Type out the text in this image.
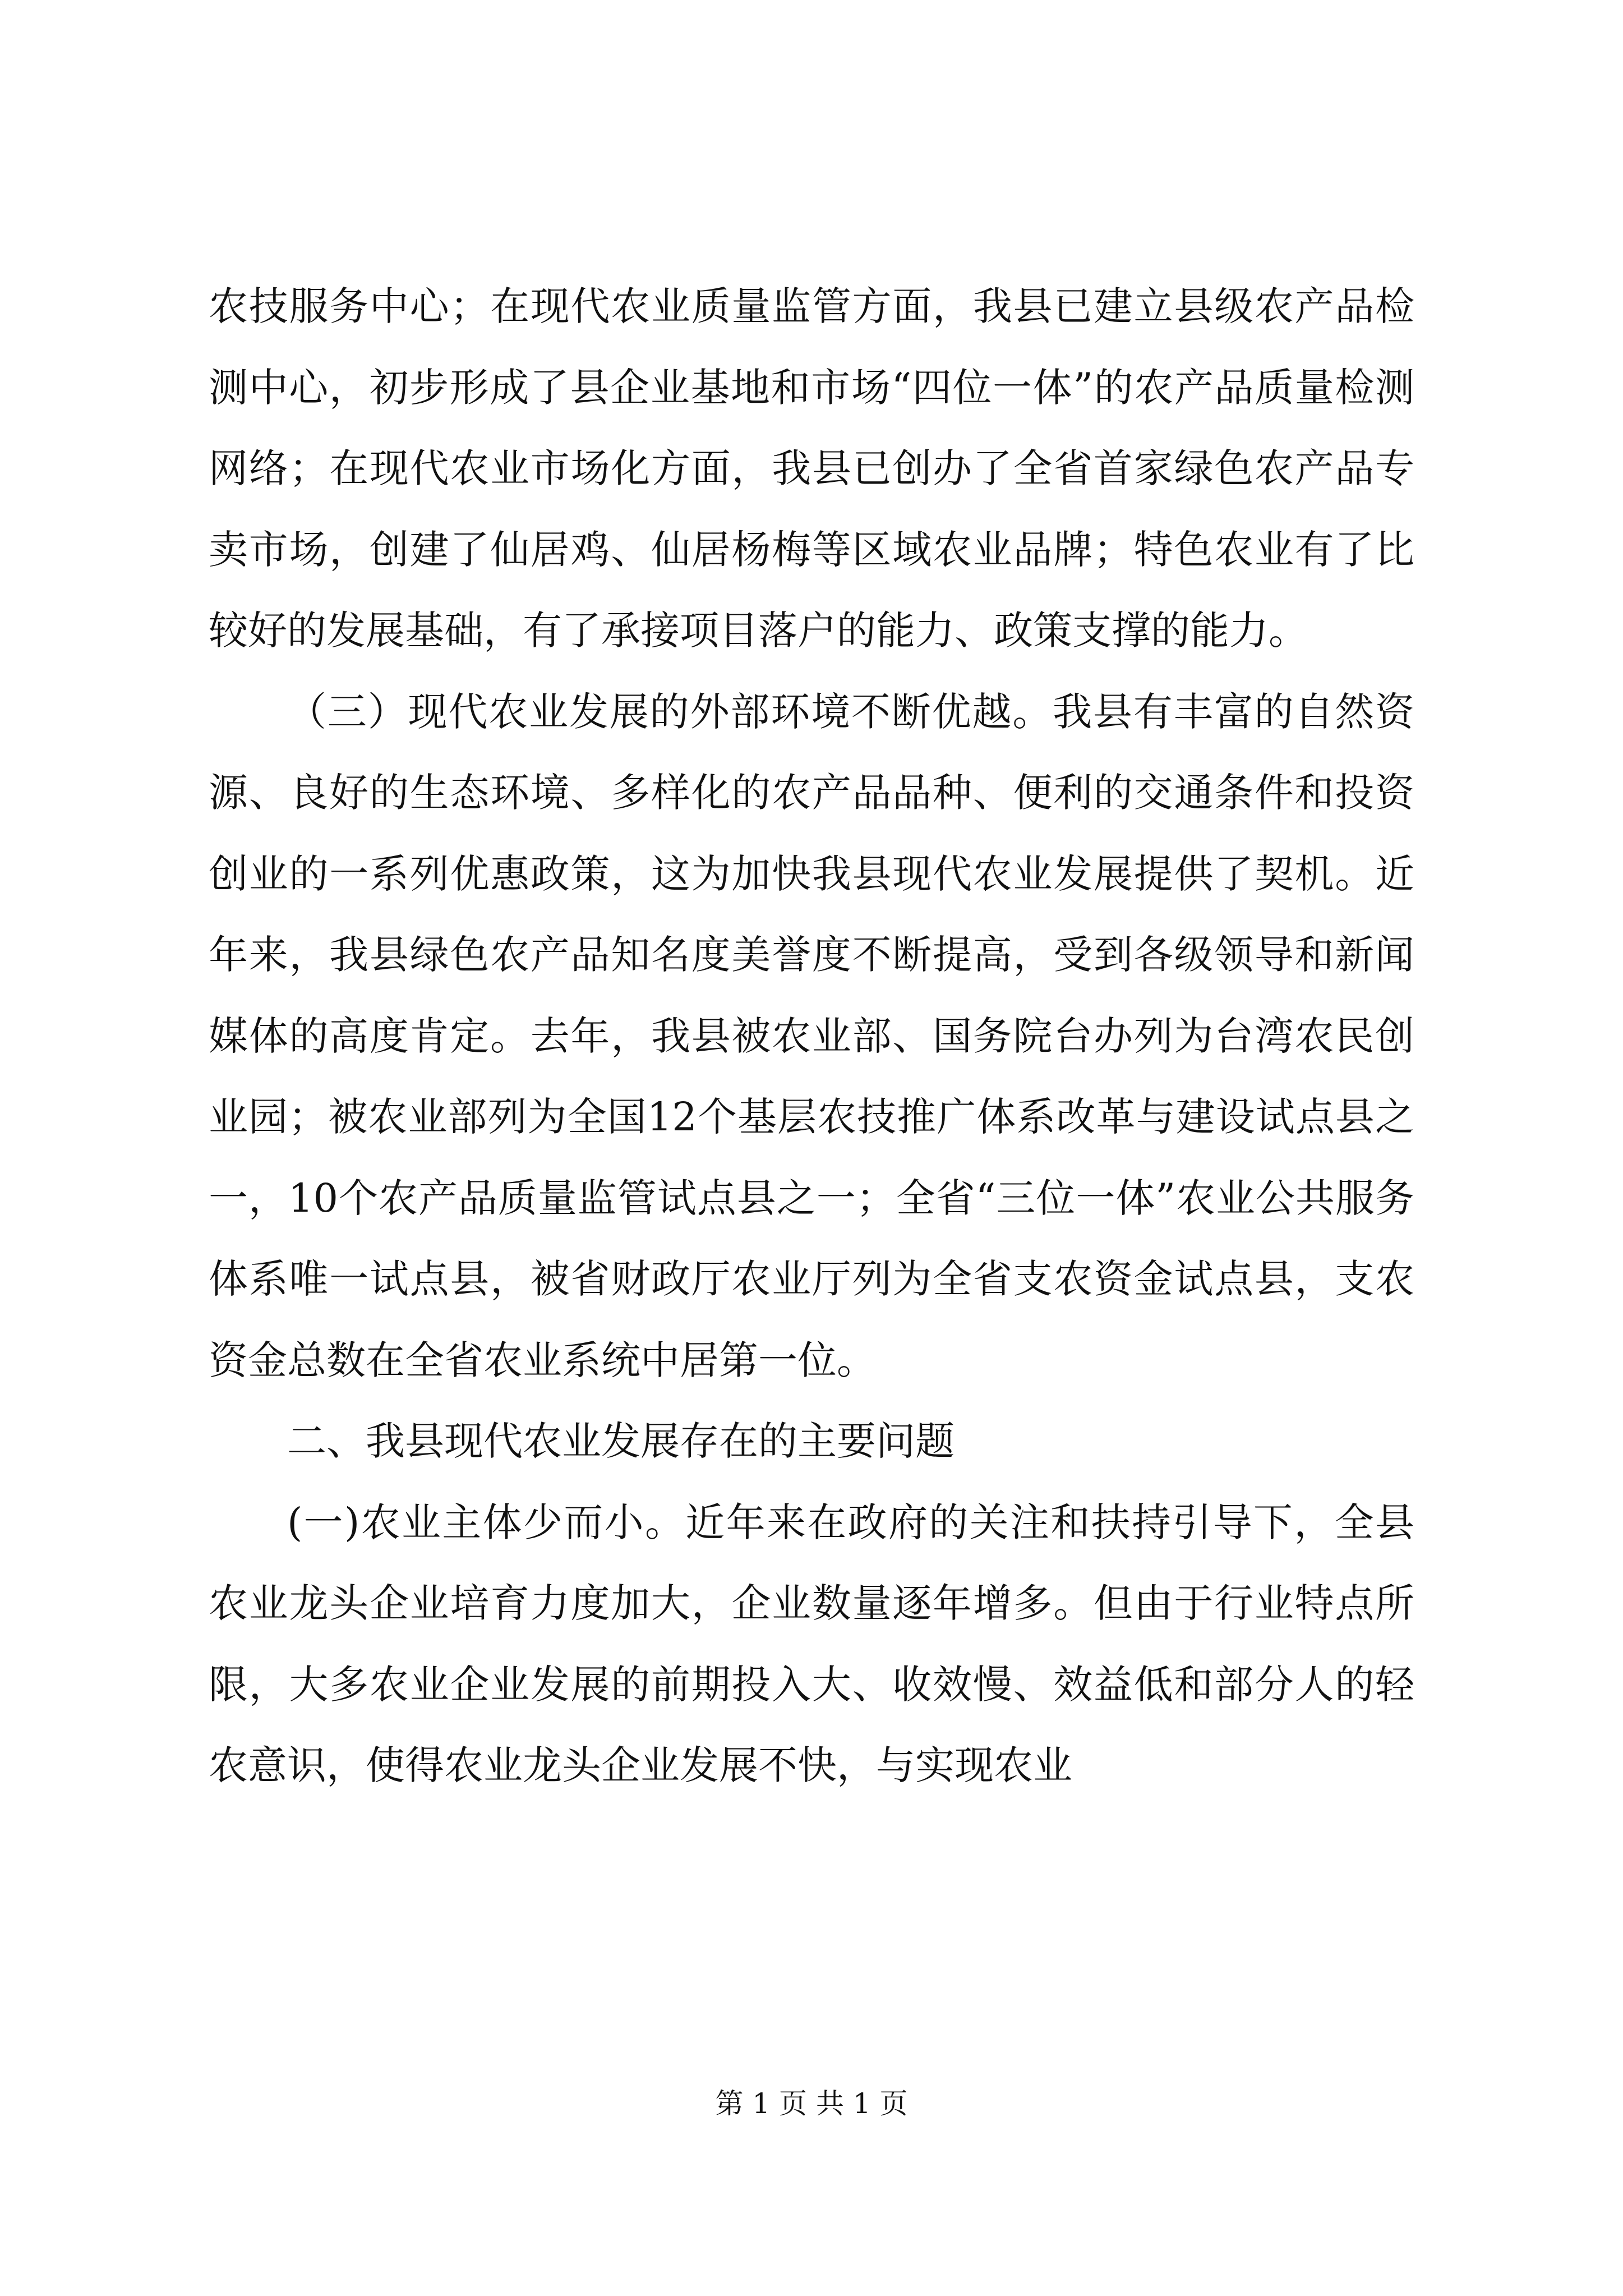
农技服务中心；在现代农业质量监管方面，我县已建立县级农产品检测中心，初步形成了县企业基地和市场“四位一体”的农产品质量检测网络；在现代农业市场化方面，我县已创办了全省首家绿色农产品专卖市场，创建了仙居鸡、仙居杨梅等区域农业品牌；特色农业有了比较好的发展基础，有了承接项目落户的能力、政策支撑的能力。

（三）现代农业发展的外部环境不断优越。我县有丰富的自然资源、良好的生态环境、多样化的农产品品种、便利的交通条件和投资创业的一系列优惠政策，这为加快我县现代农业发展提供了契机。近年来，我县绿色农产品知名度美誉度不断提高，受到各级领导和新闻媒体的高度肯定。去年，我县被农业部、国务院台办列为台湾农民创业园；被农业部列为全国12个基层农技推广体系改革与建设试点县之一，10个农产品质量监管试点县之一；全省“三位一体”农业公共服务体系唯一试点县，被省财政厅农业厅列为全省支农资金试点县，支农资金总数在全省农业系统中居第一位。

二、我县现代农业发展存在的主要问题

(一)农业主体少而小。近年来在政府的关注和扶持引导下，全县农业龙头企业培育力度加大，企业数量逐年增多。但由于行业特点所限，大多农业企业发展的前期投入大、收效慢、效益低和部分人的轻农意识，使得农业龙头企业发展不快，与实现农业

第 1 页 共 1 页
